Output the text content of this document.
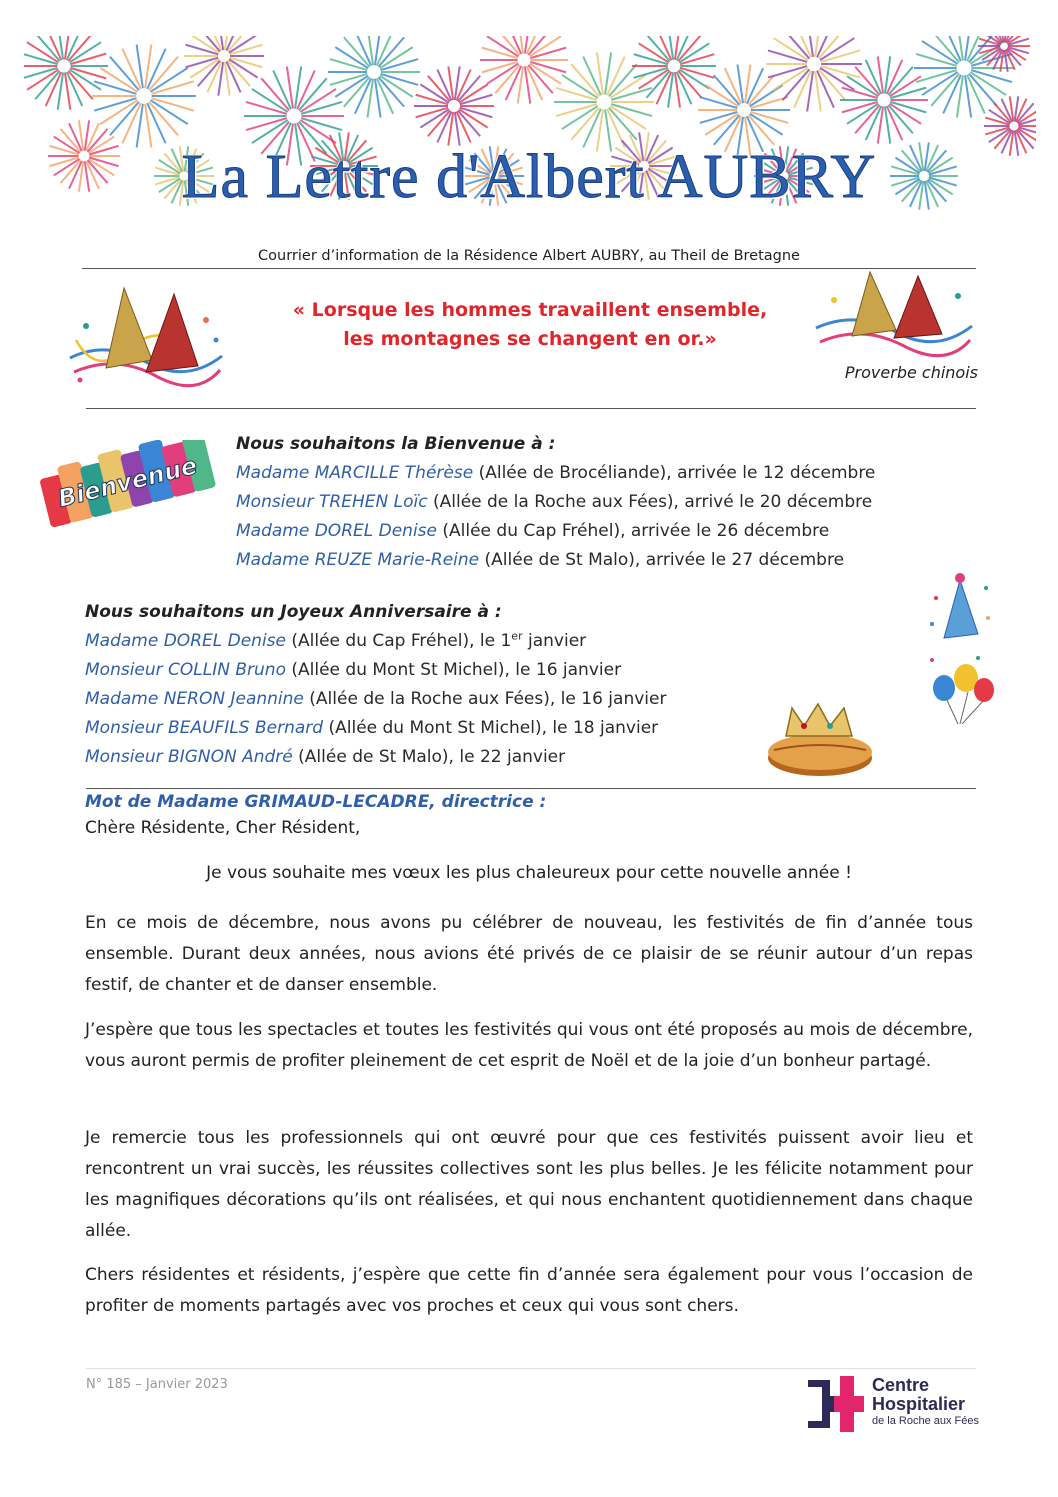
La Lettre d'Albert AUBRY
Courrier d’information de la Résidence Albert AUBRY, au Theil de Bretagne
« Lorsque les hommes travaillent ensemble,
les montagnes se changent en or.»
Proverbe chinois
Bienvenue
Nous souhaitons la Bienvenue à :
Madame MARCILLE Thérèse (Allée de Brocéliande), arrivée le 12 décembre
Monsieur TREHEN Loïc (Allée de la Roche aux Fées), arrivé le 20 décembre
Madame DOREL Denise (Allée du Cap Fréhel), arrivée le 26 décembre
Madame REUZE Marie-Reine (Allée de St Malo), arrivée le 27 décembre
Nous souhaitons un Joyeux Anniversaire à :
Madame DOREL Denise (Allée du Cap Fréhel), le 1er janvier
Monsieur COLLIN Bruno (Allée du Mont St Michel), le 16 janvier
Madame NERON Jeannine (Allée de la Roche aux Fées), le 16 janvier
Monsieur BEAUFILS Bernard (Allée du Mont St Michel), le 18 janvier
Monsieur BIGNON André (Allée de St Malo), le 22 janvier
Mot de Madame GRIMAUD-LECADRE, directrice :
Chère Résidente, Cher Résident,
Je vous souhaite mes vœux les plus chaleureux pour cette nouvelle année !
En ce mois de décembre, nous avons pu célébrer de nouveau, les festivités de fin d’année tous ensemble. Durant deux années, nous avions été privés de ce plaisir de se réunir autour d’un repas festif, de chanter et de danser ensemble.
J’espère que tous les spectacles et toutes les festivités qui vous ont été proposés au mois de décembre, vous auront permis de profiter pleinement de cet esprit de Noël et de la joie d’un bonheur partagé.
Je remercie tous les professionnels qui ont œuvré pour que ces festivités puissent avoir lieu et rencontrent un vrai succès, les réussites collectives sont les plus belles. Je les félicite notamment pour les magnifiques décorations qu’ils ont réalisées, et qui nous enchantent quotidiennement dans chaque allée.
Chers résidentes et résidents, j’espère que cette fin d’année sera également pour vous l’occasion de profiter de moments partagés avec vos proches et ceux qui vous sont chers.
N° 185 – Janvier 2023	Centre
Hospitalier
de la Roche aux Fées
